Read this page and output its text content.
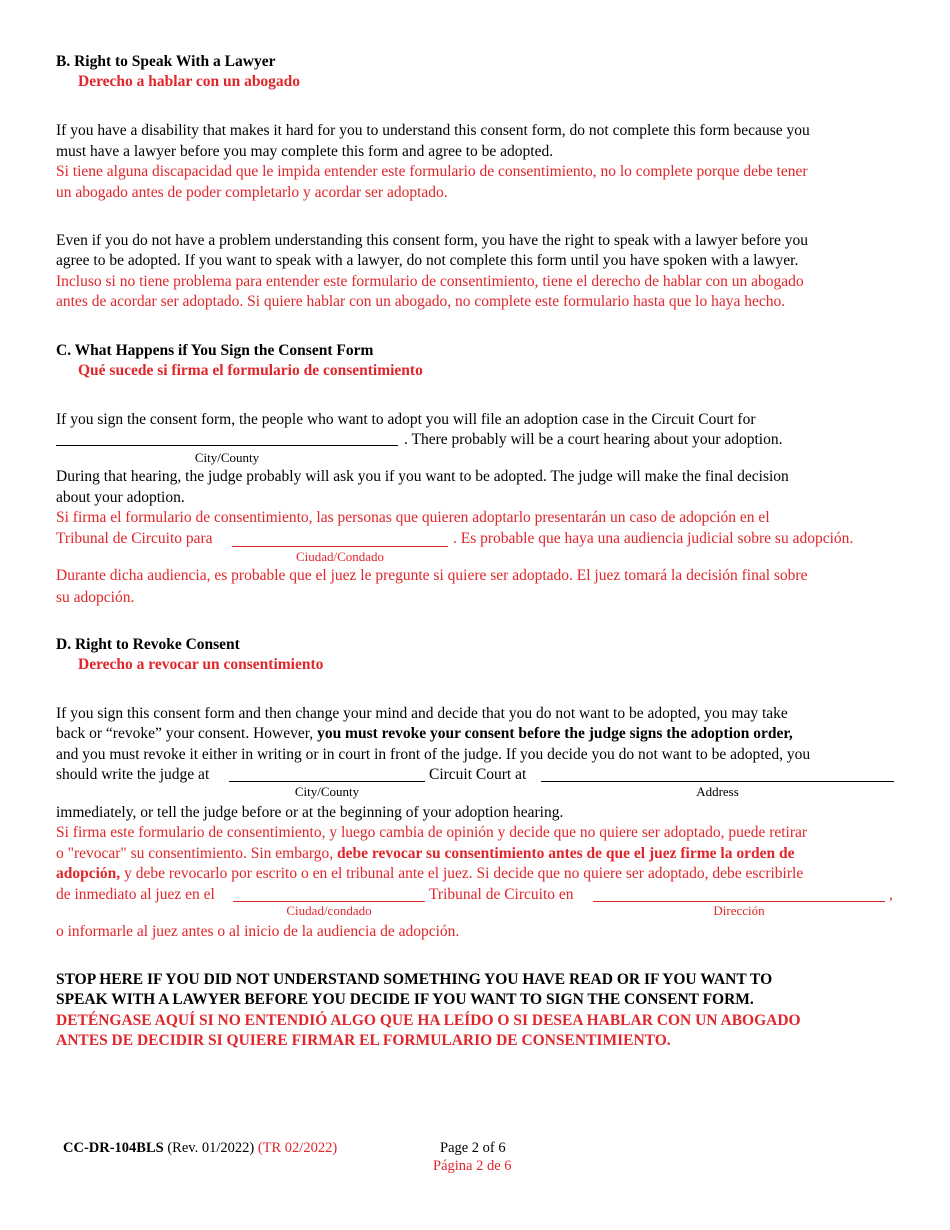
B. Right to Speak With a Lawyer
Derecho a hablar con un abogado
If you have a disability that makes it hard for you to understand this consent form, do not complete this form because you
must have a lawyer before you may complete this form and agree to be adopted.
Si tiene alguna discapacidad que le impida entender este formulario de consentimiento, no lo complete porque debe tener
un abogado antes de poder completarlo y acordar ser adoptado.
Even if you do not have a problem understanding this consent form, you have the right to speak with a lawyer before you
agree to be adopted. If you want to speak with a lawyer, do not complete this form until you have spoken with a lawyer.
Incluso si no tiene problema para entender este formulario de consentimiento, tiene el derecho de hablar con un abogado
antes de acordar ser adoptado. Si quiere hablar con un abogado, no complete este formulario hasta que lo haya hecho.
C. What Happens if You Sign the Consent Form
Qué sucede si firma el formulario de consentimiento
If you sign the consent form, the people who want to adopt you will file an adoption case in the Circuit Court for
. There probably will be a court hearing about your adoption.
City/County
During that hearing, the judge probably will ask you if you want to be adopted. The judge will make the final decision
about your adoption.
Si firma el formulario de consentimiento, las personas que quieren adoptarlo presentarán un caso de adopción en el
Tribunal de Circuito para	. Es probable que haya una audiencia judicial sobre su adopción.
Ciudad/Condado
Durante dicha audiencia, es probable que el juez le pregunte si quiere ser adoptado. El juez tomará la decisión final sobre
su adopción.
D. Right to Revoke Consent
Derecho a revocar un consentimiento
If you sign this consent form and then change your mind and decide that you do not want to be adopted, you may take
back or “revoke” your consent. However, you must revoke your consent before the judge signs the adoption order,
and you must revoke it either in writing or in court in front of the judge. If you decide you do not want to be adopted, you
should write the judge at	Circuit Court at
City/County	Address
immediately, or tell the judge before or at the beginning of your adoption hearing.
Si firma este formulario de consentimiento, y luego cambia de opinión y decide que no quiere ser adoptado, puede retirar
o "revocar" su consentimiento. Sin embargo, debe revocar su consentimiento antes de que el juez firme la orden de
adopción, y debe revocarlo por escrito o en el tribunal ante el juez. Si decide que no quiere ser adoptado, debe escribirle
de inmediato al juez en el	Tribunal de Circuito en	,
Ciudad/condado	Dirección
o informarle al juez antes o al inicio de la audiencia de adopción.
STOP HERE IF YOU DID NOT UNDERSTAND SOMETHING YOU HAVE READ OR IF YOU WANT TO
SPEAK WITH A LAWYER BEFORE YOU DECIDE IF YOU WANT TO SIGN THE CONSENT FORM.
DETÉNGASE AQUÍ SI NO ENTENDIÓ ALGO QUE HA LEÍDO O SI DESEA HABLAR CON UN ABOGADO
ANTES DE DECIDIR SI QUIERE FIRMAR EL FORMULARIO DE CONSENTIMIENTO.
CC-DR-104BLS (Rev. 01/2022) (TR 02/2022)	Page 2 of 6
Página 2 de 6
